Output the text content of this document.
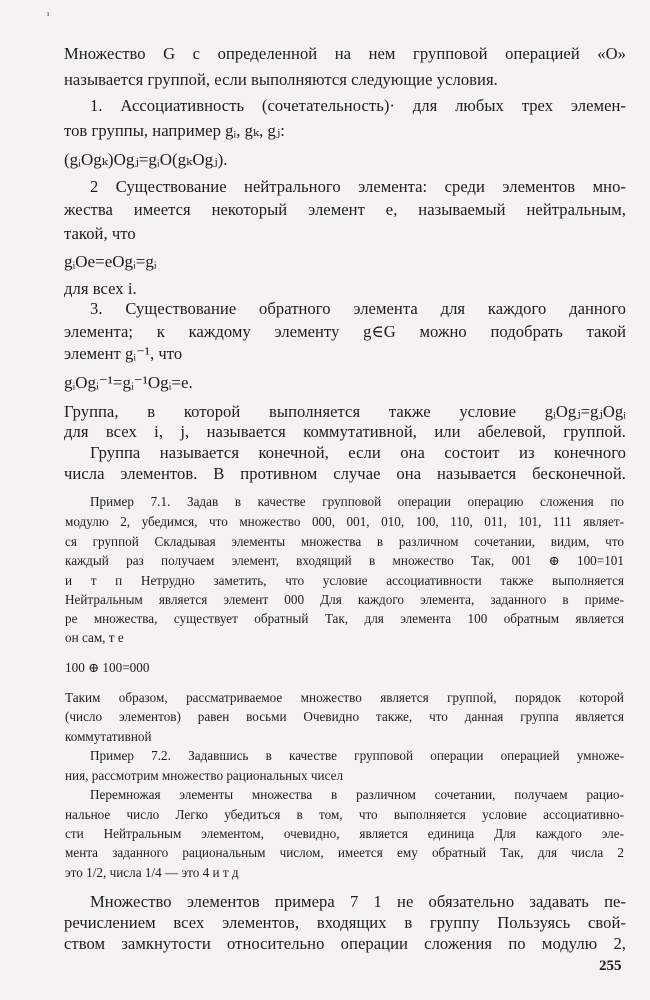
ı

Множество G с определенной на нем групповой операцией «О»

называется группой, если выполняются следующие условия.

1. Ассоциативность (сочетательность)· для любых трех элемен-

тов группы, например gᵢ, gₖ, gⱼ:

(gᵢOgₖ)Ogⱼ=gᵢO(gₖOgⱼ).

2 Существование нейтрального элемента: среди элементов мно-

жества имеется некоторый элемент e, называемый нейтральным,

такой, что

gᵢOe=eOgᵢ=gᵢ

для всех i.

3. Существование обратного элемента для каждого данного

элемента; к каждому элементу g∈G можно подобрать такой

элемент gᵢ⁻¹, что

gᵢOgᵢ⁻¹=gᵢ⁻¹Ogᵢ=e.

Группа, в которой выполняется также условие gᵢOgⱼ=gⱼOgᵢ

для всех i, j, называется коммутативной, или абелевой, группой.

Группа называется конечной, если она состоит из конечного

числа элементов. В противном случае она называется бесконечной.

Пример 7.1. Задав в качестве групповой операции операцию сложения по

модулю 2, убедимся, что множество 000, 001, 010, 100, 110, 011, 101, 111 являет-

ся группой Складывая элементы множества в различном сочетании, видим, что

каждый раз получаем элемент, входящий в множество Так, 001 ⊕ 100=101

и т п Нетрудно заметить, что условие ассоциативности также выполняется

Нейтральным является элемент 000 Для каждого элемента, заданного в приме-

ре множества, существует обратный Так, для элемента 100 обратным является

он сам, т е

100 ⊕ 100=000

Таким образом, рассматриваемое множество является группой, порядок которой

(число элементов) равен восьми Очевидно также, что данная группа является

коммутативной

Пример 7.2. Задавшись в качестве групповой операции операцией умноже-

ния, рассмотрим множество рациональных чисел

Перемножая элементы множества в различном сочетании, получаем рацио-

нальное число Легко убедиться в том, что выполняется условие ассоциативно-

сти Нейтральным элементом, очевидно, является единица Для каждого эле-

мента заданного рациональным числом, имеется ему обратный Так, для числа 2

это 1/2, числа 1/4 — это 4 и т д

Множество элементов примера 7 1 не обязательно задавать пе-

речислением всех элементов, входящих в группу Пользуясь свой-

ством замкнутости относительно операции сложения по модулю 2,

255
